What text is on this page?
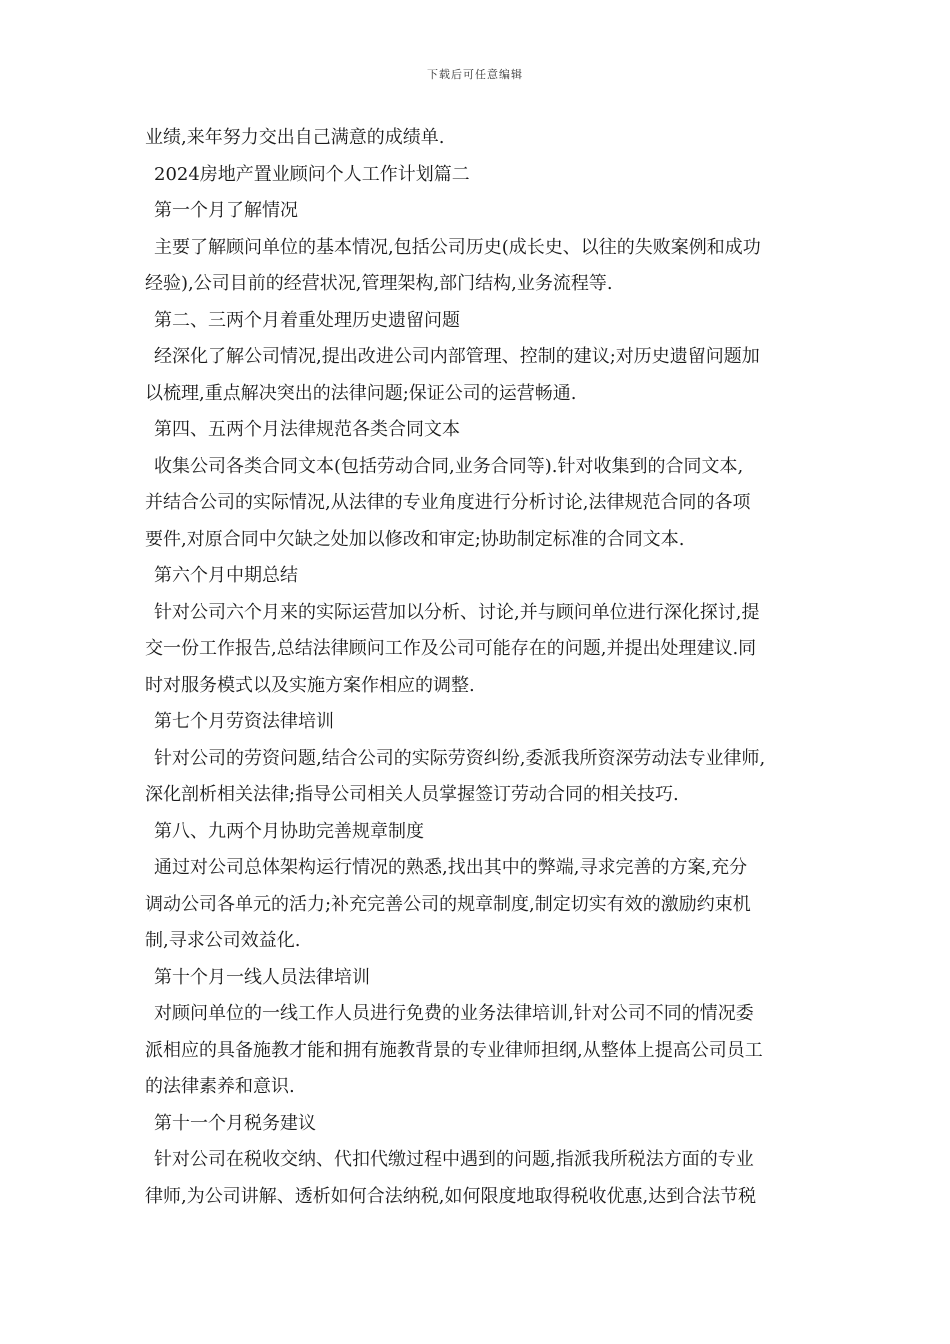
下载后可任意编辑
业绩,来年努力交出自己满意的成绩单.
2024房地产置业顾问个人工作计划篇二
第一个月了解情况
主要了解顾问单位的基本情况,包括公司历史(成长史、以往的失败案例和成功
经验),公司目前的经营状况,管理架构,部门结构,业务流程等.
第二、三两个月着重处理历史遗留问题
经深化了解公司情况,提出改进公司内部管理、控制的建议;对历史遗留问题加
以梳理,重点解决突出的法律问题;保证公司的运营畅通.
第四、五两个月法律规范各类合同文本
收集公司各类合同文本(包括劳动合同,业务合同等).针对收集到的合同文本,
并结合公司的实际情况,从法律的专业角度进行分析讨论,法律规范合同的各项
要件,对原合同中欠缺之处加以修改和审定;协助制定标准的合同文本.
第六个月中期总结
针对公司六个月来的实际运营加以分析、讨论,并与顾问单位进行深化探讨,提
交一份工作报告,总结法律顾问工作及公司可能存在的问题,并提出处理建议.同
时对服务模式以及实施方案作相应的调整.
第七个月劳资法律培训
针对公司的劳资问题,结合公司的实际劳资纠纷,委派我所资深劳动法专业律师,
深化剖析相关法律;指导公司相关人员掌握签订劳动合同的相关技巧.
第八、九两个月协助完善规章制度
通过对公司总体架构运行情况的熟悉,找出其中的弊端,寻求完善的方案,充分
调动公司各单元的活力;补充完善公司的规章制度,制定切实有效的激励约束机
制,寻求公司效益化.
第十个月一线人员法律培训
对顾问单位的一线工作人员进行免费的业务法律培训,针对公司不同的情况委
派相应的具备施教才能和拥有施教背景的专业律师担纲,从整体上提高公司员工
的法律素养和意识.
第十一个月税务建议
针对公司在税收交纳、代扣代缴过程中遇到的问题,指派我所税法方面的专业
律师,为公司讲解、透析如何合法纳税,如何限度地取得税收优惠,达到合法节税
